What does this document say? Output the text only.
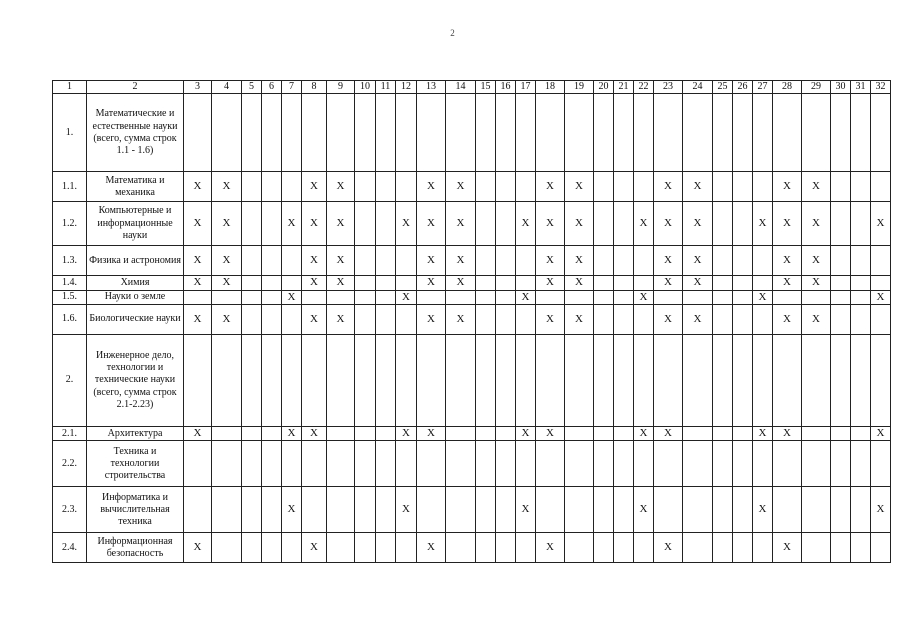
2
1	2	3	4	5	6	7	8	9	10	11	12	13	14	15	16	17	18	19	20	21	22	23	24	25	26	27	28	29	30	31	32
1.	Математические и естественные науки (всего, сумма строк 1.1 - 1.6)																														
1.1.	Математика и механика	X	X				X	X				X	X				X	X				X	X				X	X			
1.2.	Компьютерные и информационные науки	X	X			X	X	X			X	X	X			X	X	X			X	X	X			X	X	X			X
1.3.	Физика и астрономия	X	X				X	X				X	X				X	X				X	X				X	X			
1.4.	Химия	X	X				X	X				X	X				X	X				X	X				X	X			
1.5.	Науки о земле					X					X					X					X					X					X
1.6.	Биологические науки	X	X				X	X				X	X				X	X				X	X				X	X			
2.	Инженерное дело, технологии и технические науки (всего, сумма строк 2.1-2.23)																														
2.1.	Архитектура	X				X	X				X	X				X	X				X	X				X	X				X
2.2.	Техника и технологии строительства																														
2.3.	Информатика и вычислительная техника					X					X					X					X					X					X
2.4.	Информационная безопасность	X					X					X					X					X					X				
